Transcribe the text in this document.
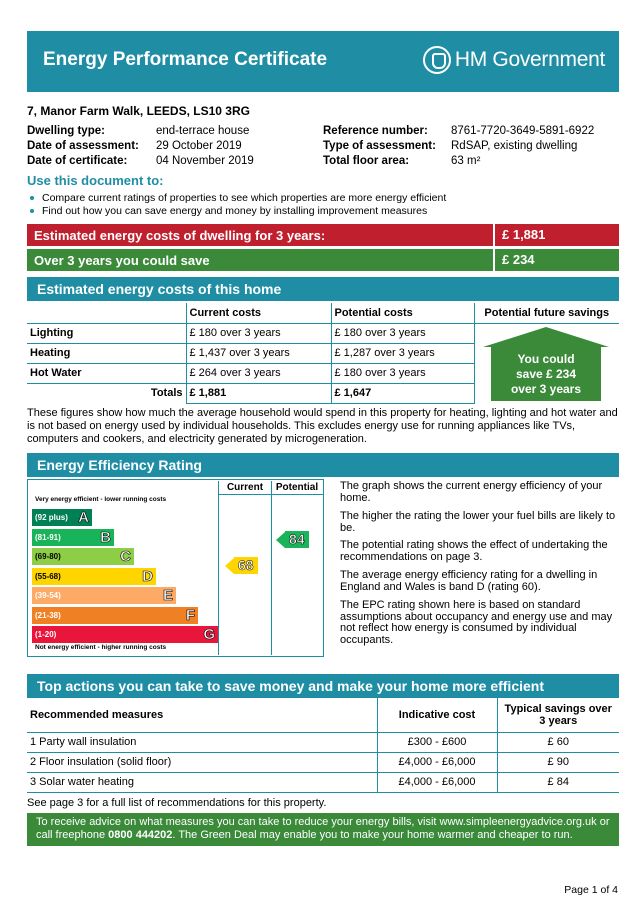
Energy Performance Certificate	HM Government
7, Manor Farm Walk, LEEDS, LS10 3RG
Dwelling type:	end-terrace house
Date of assessment: 29 October 2019
Date of certificate: 04 November 2019
Reference number: 8761-7720-3649-5891-6922
Type of assessment: RdSAP, existing dwelling
Total floor area:	63 m²
Use this document to:
Compare current ratings of properties to see which properties are more energy efficient
Find out how you can save energy and money by installing improvement measures
Estimated energy costs of dwelling for 3 years:	£ 1,881
Over 3 years you could save	£ 234
Estimated energy costs of this home
	Current costs	Potential costs	Potential future savings
Lighting	£ 180 over 3 years	£ 180 over 3 years	
Heating	£ 1,437 over 3 years	£ 1,287 over 3 years	
Hot Water	£ 264 over 3 years	£ 180 over 3 years	
Totals	£ 1,881	£ 1,647	
You could
save £ 234
over 3 years
These figures show how much the average household would spend in this property for heating, lighting and hot water and is not based on energy used by individual households. This excludes energy use for running appliances like TVs, computers and cookers, and electricity generated by microgeneration.
Energy Efficiency Rating
Very energy efficient - lower running costs
(92 plus) A
(81-91)	B
(69-80)	C
(55-68)	D
(39-54)	E
(21-38)	F
(1-20)	G
Not energy efficient - higher running costs
Current	Potential
68
84
The graph shows the current energy efficiency of your home.
The higher the rating the lower your fuel bills are likely to be.
The potential rating shows the effect of undertaking the recommendations on page 3.
The average energy efficiency rating for a dwelling in England and Wales is band D (rating 60).
The EPC rating shown here is based on standard assumptions about occupancy and energy use and may not reflect how energy is consumed by individual occupants.
Top actions you can take to save money and make your home more efficient
Recommended measures	Indicative cost	Typical savings over 3 years
1 Party wall insulation	£300 - £600	£ 60
2 Floor insulation (solid floor)	£4,000 - £6,000	£ 90
3 Solar water heating	£4,000 - £6,000	£ 84
See page 3 for a full list of recommendations for this property.
To receive advice on what measures you can take to reduce your energy bills, visit www.simpleenergyadvice.org.uk or call freephone 0800 444202. The Green Deal may enable you to make your home warmer and cheaper to run.
Page 1 of 4
